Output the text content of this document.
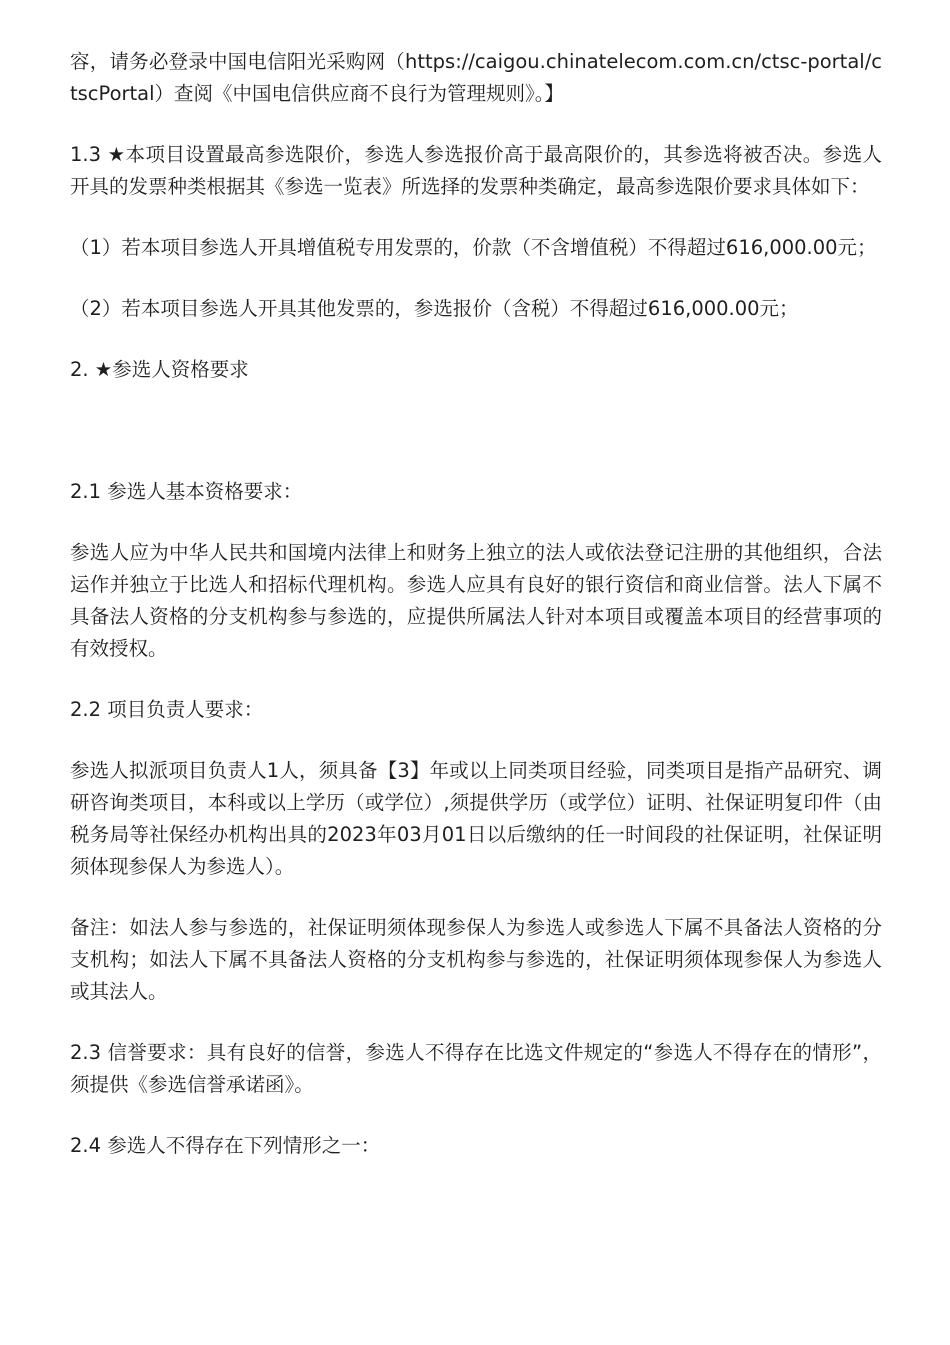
容，请务必登录中国电信阳光采购网（https://caigou.chinatelecom.com.cn/ctsc-portal/ctscPortal）查阅《中国电信供应商不良行为管理规则》。】

1.3 ★本项目设置最高参选限价，参选人参选报价高于最高限价的，其参选将被否决。参选人开具的发票种类根据其《参选一览表》所选择的发票种类确定，最高参选限价要求具体如下：

（1）若本项目参选人开具增值税专用发票的，价款（不含增值税）不得超过616,000.00元；

（2）若本项目参选人开具其他发票的，参选报价（含税）不得超过616,000.00元；

2. ★参选人资格要求

2.1 参选人基本资格要求：

参选人应为中华人民共和国境内法律上和财务上独立的法人或依法登记注册的其他组织，合法运作并独立于比选人和招标代理机构。参选人应具有良好的银行资信和商业信誉。法人下属不具备法人资格的分支机构参与参选的，应提供所属法人针对本项目或覆盖本项目的经营事项的有效授权。

2.2 项目负责人要求：

参选人拟派项目负责人1人，须具备【3】年或以上同类项目经验，同类项目是指产品研究、调研咨询类项目，本科或以上学历（或学位）,须提供学历（或学位）证明、社保证明复印件（由税务局等社保经办机构出具的2023年03月01日以后缴纳的任一时间段的社保证明，社保证明须体现参保人为参选人）。

备注：如法人参与参选的，社保证明须体现参保人为参选人或参选人下属不具备法人资格的分支机构；如法人下属不具备法人资格的分支机构参与参选的，社保证明须体现参保人为参选人或其法人。

2.3 信誉要求：具有良好的信誉，参选人不得存在比选文件规定的“参选人不得存在的情形”，须提供《参选信誉承诺函》。

2.4 参选人不得存在下列情形之一：
